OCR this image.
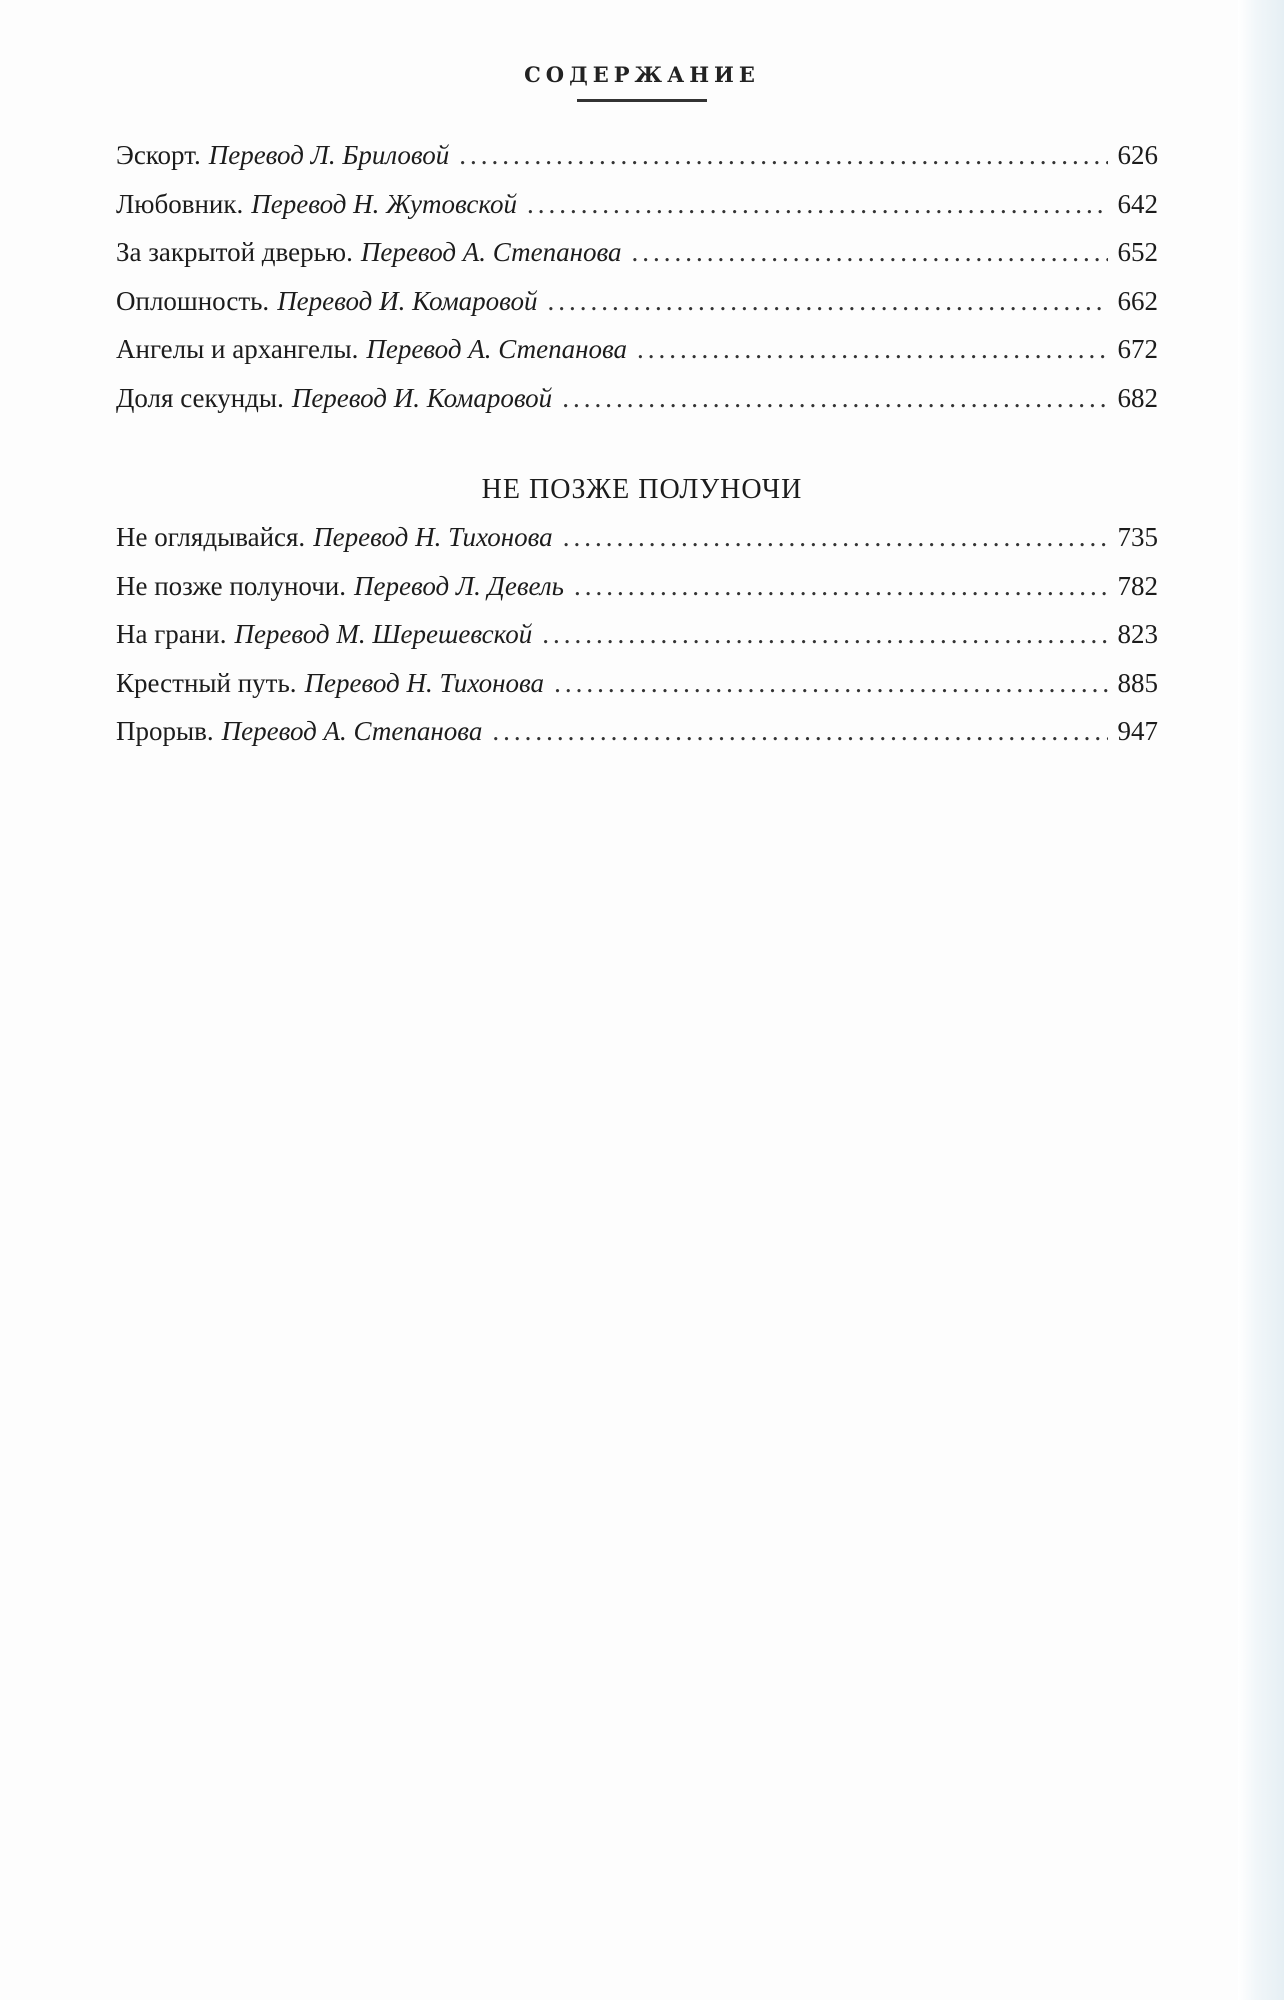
СОДЕРЖАНИЕ
Эскорт. Перевод Л. Бриловой .....	626
Любовник. Перевод Н. Жутовской .....	642
За закрытой дверью. Перевод А. Степанова .....	652
Оплошность. Перевод И. Комаровой .....	662
Ангелы и архангелы. Перевод А. Степанова .....	672
Доля секунды. Перевод И. Комаровой .....	682
НЕ ПОЗЖЕ ПОЛУНОЧИ
Не оглядывайся. Перевод Н. Тихонова .....	735
Не позже полуночи. Перевод Л. Девель .....	782
На грани. Перевод М. Шерешевской .....	823
Крестный путь. Перевод Н. Тихонова .....	885
Прорыв. Перевод А. Степанова .....	947
